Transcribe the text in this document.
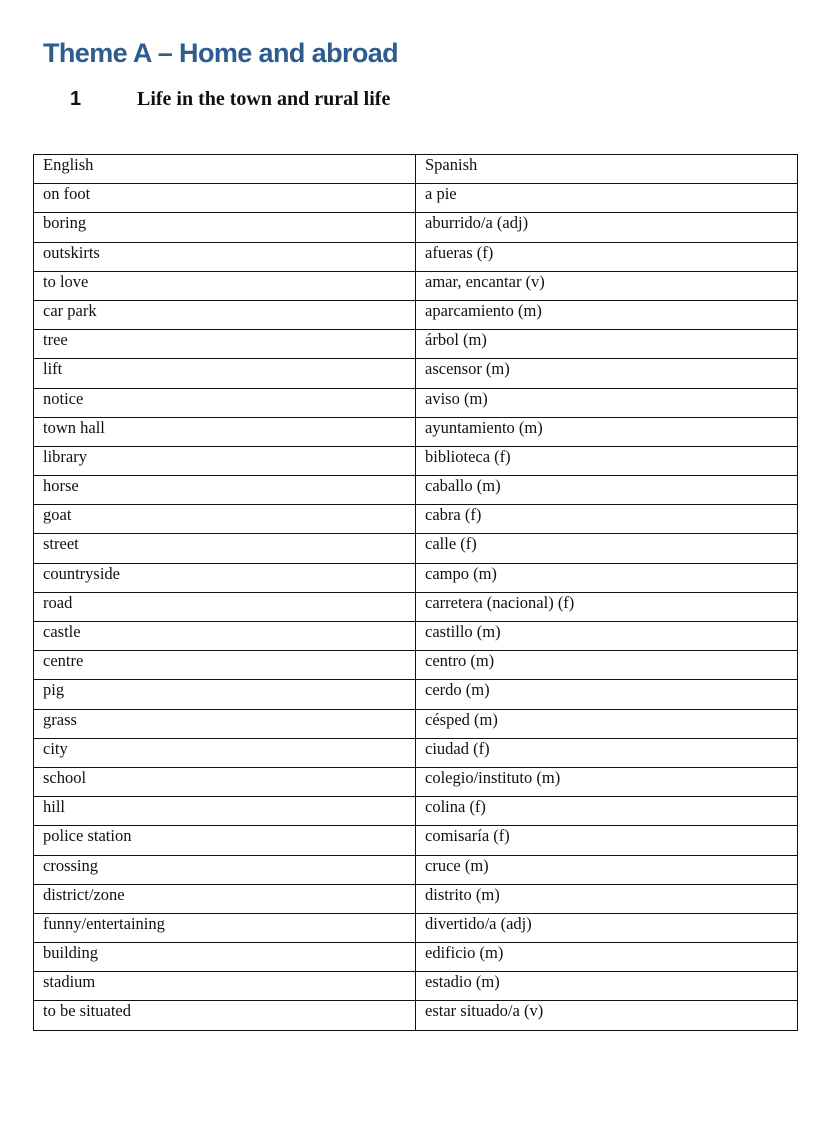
Theme A – Home and abroad
1	Life in the town and rural life
English	Spanish
on foot	a pie
boring	aburrido/a (adj)
outskirts	afueras (f)
to love	amar, encantar (v)
car park	aparcamiento (m)
tree	árbol (m)
lift	ascensor (m)
notice	aviso (m)
town hall	ayuntamiento (m)
library	biblioteca (f)
horse	caballo (m)
goat	cabra (f)
street	calle (f)
countryside	campo (m)
road	carretera (nacional) (f)
castle	castillo (m)
centre	centro (m)
pig	cerdo (m)
grass	césped (m)
city	ciudad (f)
school	colegio/instituto (m)
hill	colina (f)
police station	comisaría (f)
crossing	cruce (m)
district/zone	distrito (m)
funny/entertaining	divertido/a (adj)
building	edificio (m)
stadium	estadio (m)
to be situated	estar situado/a (v)
